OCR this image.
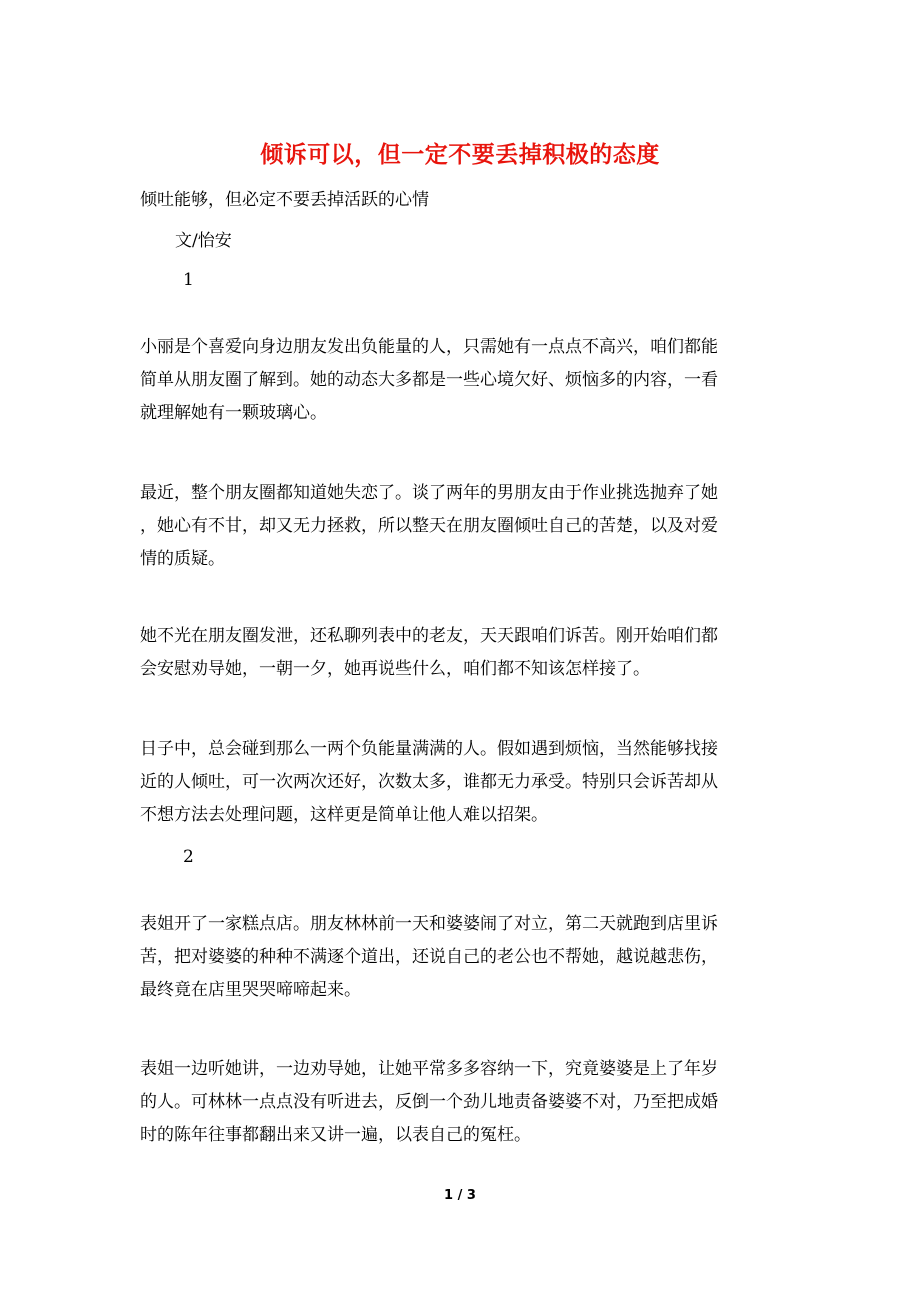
倾诉可以，但一定不要丢掉积极的态度
倾吐能够，但必定不要丢掉活跃的心情
文/怡安
1
小丽是个喜爱向身边朋友发出负能量的人，只需她有一点点不高兴，咱们都能
简单从朋友圈了解到。她的动态大多都是一些心境欠好、烦恼多的内容，一看
就理解她有一颗玻璃心。
最近，整个朋友圈都知道她失恋了。谈了两年的男朋友由于作业挑选抛弃了她
，她心有不甘，却又无力拯救，所以整天在朋友圈倾吐自己的苦楚，以及对爱
情的质疑。
她不光在朋友圈发泄，还私聊列表中的老友，天天跟咱们诉苦。刚开始咱们都
会安慰劝导她，一朝一夕，她再说些什么，咱们都不知该怎样接了。
日子中，总会碰到那么一两个负能量满满的人。假如遇到烦恼，当然能够找接
近的人倾吐，可一次两次还好，次数太多，谁都无力承受。特别只会诉苦却从
不想方法去处理问题，这样更是简单让他人难以招架。
2
表姐开了一家糕点店。朋友林林前一天和婆婆闹了对立，第二天就跑到店里诉
苦，把对婆婆的种种不满逐个道出，还说自己的老公也不帮她，越说越悲伤，
最终竟在店里哭哭啼啼起来。
表姐一边听她讲，一边劝导她，让她平常多多容纳一下，究竟婆婆是上了年岁
的人。可林林一点点没有听进去，反倒一个劲儿地责备婆婆不对，乃至把成婚
时的陈年往事都翻出来又讲一遍，以表自己的冤枉。
1 / 3
